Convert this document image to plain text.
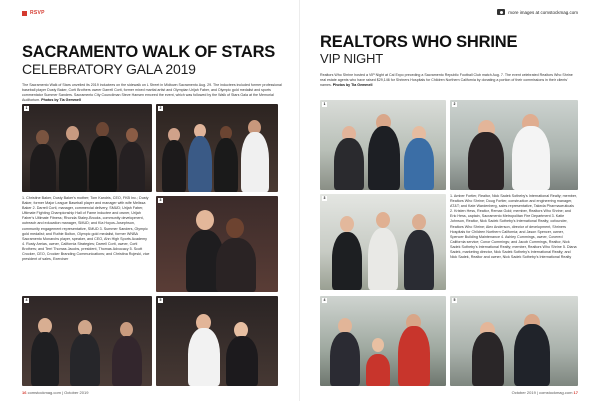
RSVP
SACRAMENTO WALK OF STARS
CELEBRATORY GALA 2019

The Sacramento Walk of Stars unveiled its 2019 inductees on the sidewalk on L Street in Midtown Sacramento Aug. 29. The inductees included former professional baseball player Dusty Baker, Corti Brothers owner Darrell Corti, former mixed martial artist and Olympian Urijah Faber, and Olympic gold medalist and sports commentator Summer Sanders. Sacramento City Councilman Steve Hansen emceed the event, which was followed by the Walk of Stars Gala at the Memorial Auditorium. Photos by Tia Gemmell

1	2
3
4	5

1. Christine Baker, Dusty Baker's mother; Tom Kandris, CEO, FKB Inc.; Dusty Baker, former Major League Baseball player and manager with wife Melissa Baker 2. Darrell Corti, manager, commercial delivery, SMUD; Urijah Faber, Ultimate Fighting Championship Hall of Fame inductee and owner, Urijah Faber's Ultimate Fitness; Rhonda Staley-Brooks, community development, outreach and education manager, SMUD; and Kia Hoyos-Josephson, community engagement representative, SMUD 3. Summer Sanders, Olympic gold medalist; and Ruthie Bolton, Olympic gold medalist, former WNBA Sacramento Monarchs player, speaker, and CEO, Ahn High Sports Academy 4. Rusty Areias, owner, California Strategies; Darrell Corti, owner, Corti Brothers; and Terri Thomas Jacobs, president, Thomas Advocacy 5. Scott Crocker, CEO, Crocker Branding Communications; and Christina Rojeski, vice president of sales, Exerciser

16 comstockmag.com | October 2019
REALTORS WHO SHRINE
VIP NIGHT

Realtors Who Shrine hosted a VIP Night at Cal Expo preceding a Sacramento Republic Football Club match Aug. 7. The event celebrated Realtors Who Shrine real estate agents who have raised $29,146 for Shriners Hospitals for Children Northern California by donating a portion of their commissions in their clients' names. Photos by Tia Gemmell

more images at comstockmag.com
1	2
3	1. Amber Fortier, Realtor, Nick Sadek Sotheby's International Realty; member, Realtors Who Shrine; Doug Fortier, construction and engineering manager, AT&T; and Kate Wardenberg, sales representative, Takeda Pharmaceuticals 2. Kristen Hess, Realtor, Remax Gold; member, Realtors Who Shrine; and Eric Hess, captain, Sacramento Metropolitan Fire Department 3. Katie Johnson, Realtor, Nick Sadek Sotheby's International Realty; cofounder, Realtors Who Shrine; Alex Anderson, director of development, Shriners Hospitals for Children Northern California; and Jason Spencer, owner, Spencer Building Maintenance 4. Ashley Cummings, owner, Covered California service; Conor Cummings; and Jacob Cummings, Realtor, Nick Sadek Sotheby's International Realty; member, Realtors Who Shrine 5. Diana Sadek, marketing director, Nick Sadek Sotheby's International Realty; and Nick Sadek, Realtor and owner, Nick Sadek Sotheby's International Realty

4	5
October 2019 | comstockmag.com 17
